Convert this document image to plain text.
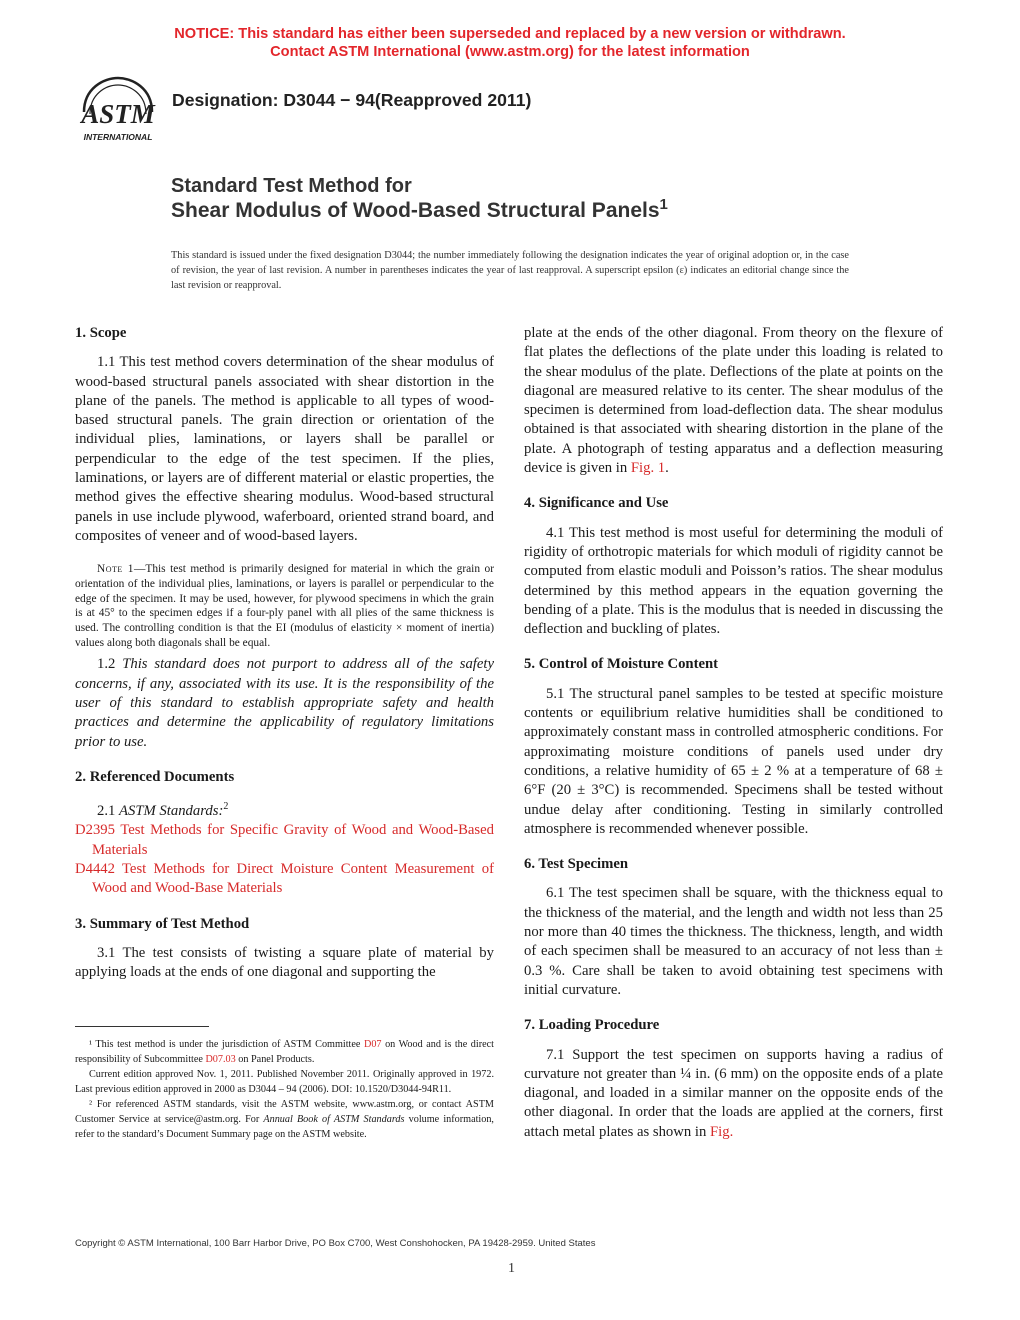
NOTICE: This standard has either been superseded and replaced by a new version or withdrawn.
Contact ASTM International (www.astm.org) for the latest information
ASTM
INTERNATIONAL
Designation: D3044 − 94(Reapproved 2011)
Standard Test Method for
Shear Modulus of Wood-Based Structural Panels$^1$
This standard is issued under the fixed designation D3044; the number immediately following the designation indicates the year of original adoption or, in the case of revision, the year of last revision. A number in parentheses indicates the year of last reapproval. A superscript epsilon (ε) indicates an editorial change since the last revision or reapproval.
1. Scope

1.1 This test method covers determination of the shear modulus of wood-based structural panels associated with shear distortion in the plane of the panels. The method is applicable to all types of wood-based structural panels. The grain direction or orientation of the individual plies, laminations, or layers shall be parallel or perpendicular to the edge of the test specimen. If the plies, laminations, or layers are of different material or elastic properties, the method gives the effective shearing modulus. Wood-based structural panels in use include plywood, waferboard, oriented strand board, and composites of veneer and of wood-based layers.

Note 1—This test method is primarily designed for material in which the grain or orientation of the individual plies, laminations, or layers is parallel or perpendicular to the edge of the specimen. It may be used, however, for plywood specimens in which the grain is at 45° to the specimen edges if a four-ply panel with all plies of the same thickness is used. The controlling condition is that the EI (modulus of elasticity × moment of inertia) values along both diagonals shall be equal.

1.2 This standard does not purport to address all of the safety concerns, if any, associated with its use. It is the responsibility of the user of this standard to establish appropriate safety and health practices and determine the applicability of regulatory limitations prior to use.

2. Referenced Documents

2.1 ASTM Standards:$^2$

D2395 Test Methods for Specific Gravity of Wood and Wood-Based Materials

D4442 Test Methods for Direct Moisture Content Measurement of Wood and Wood-Base Materials

3. Summary of Test Method

3.1 The test consists of twisting a square plate of material by applying loads at the ends of one diagonal and supporting the

plate at the ends of the other diagonal. From theory on the flexure of flat plates the deflections of the plate under this loading is related to the shear modulus of the plate. Deflections of the plate at points on the diagonal are measured relative to its center. The shear modulus of the specimen is determined from load-deflection data. The shear modulus obtained is that associated with shearing distortion in the plane of the plate. A photograph of testing apparatus and a deflection measuring device is given in Fig. 1.

4. Significance and Use

4.1 This test method is most useful for determining the moduli of rigidity of orthotropic materials for which moduli of rigidity cannot be computed from elastic moduli and Poisson’s ratios. The shear modulus determined by this method appears in the equation governing the bending of a plate. This is the modulus that is needed in discussing the deflection and buckling of plates.

5. Control of Moisture Content

5.1 The structural panel samples to be tested at specific moisture contents or equilibrium relative humidities shall be conditioned to approximately constant mass in controlled atmospheric conditions. For approximating moisture conditions of panels used under dry conditions, a relative humidity of 65 ± 2 % at a temperature of 68 ± 6°F (20 ± 3°C) is recommended. Specimens shall be tested without undue delay after conditioning. Testing in similarly controlled atmosphere is recommended whenever possible.

6. Test Specimen

6.1 The test specimen shall be square, with the thickness equal to the thickness of the material, and the length and width not less than 25 nor more than 40 times the thickness. The thickness, length, and width of each specimen shall be measured to an accuracy of not less than ± 0.3 %. Care shall be taken to avoid obtaining test specimens with initial curvature.

7. Loading Procedure

7.1 Support the test specimen on supports having a radius of curvature not greater than ¼ in. (6 mm) on the opposite ends of a plate diagonal, and loaded in a similar manner on the opposite ends of the other diagonal. In order that the loads are applied at the corners, first attach metal plates as shown in Fig.

¹ This test method is under the jurisdiction of ASTM Committee D07 on Wood and is the direct responsibility of Subcommittee D07.03 on Panel Products.

Current edition approved Nov. 1, 2011. Published November 2011. Originally approved in 1972. Last previous edition approved in 2000 as D3044 – 94 (2006). DOI: 10.1520/D3044-94R11.

² For referenced ASTM standards, visit the ASTM website, www.astm.org, or contact ASTM Customer Service at service@astm.org. For Annual Book of ASTM Standards volume information, refer to the standard’s Document Summary page on the ASTM website.

Copyright © ASTM International, 100 Barr Harbor Drive, PO Box C700, West Conshohocken, PA 19428-2959. United States
1
